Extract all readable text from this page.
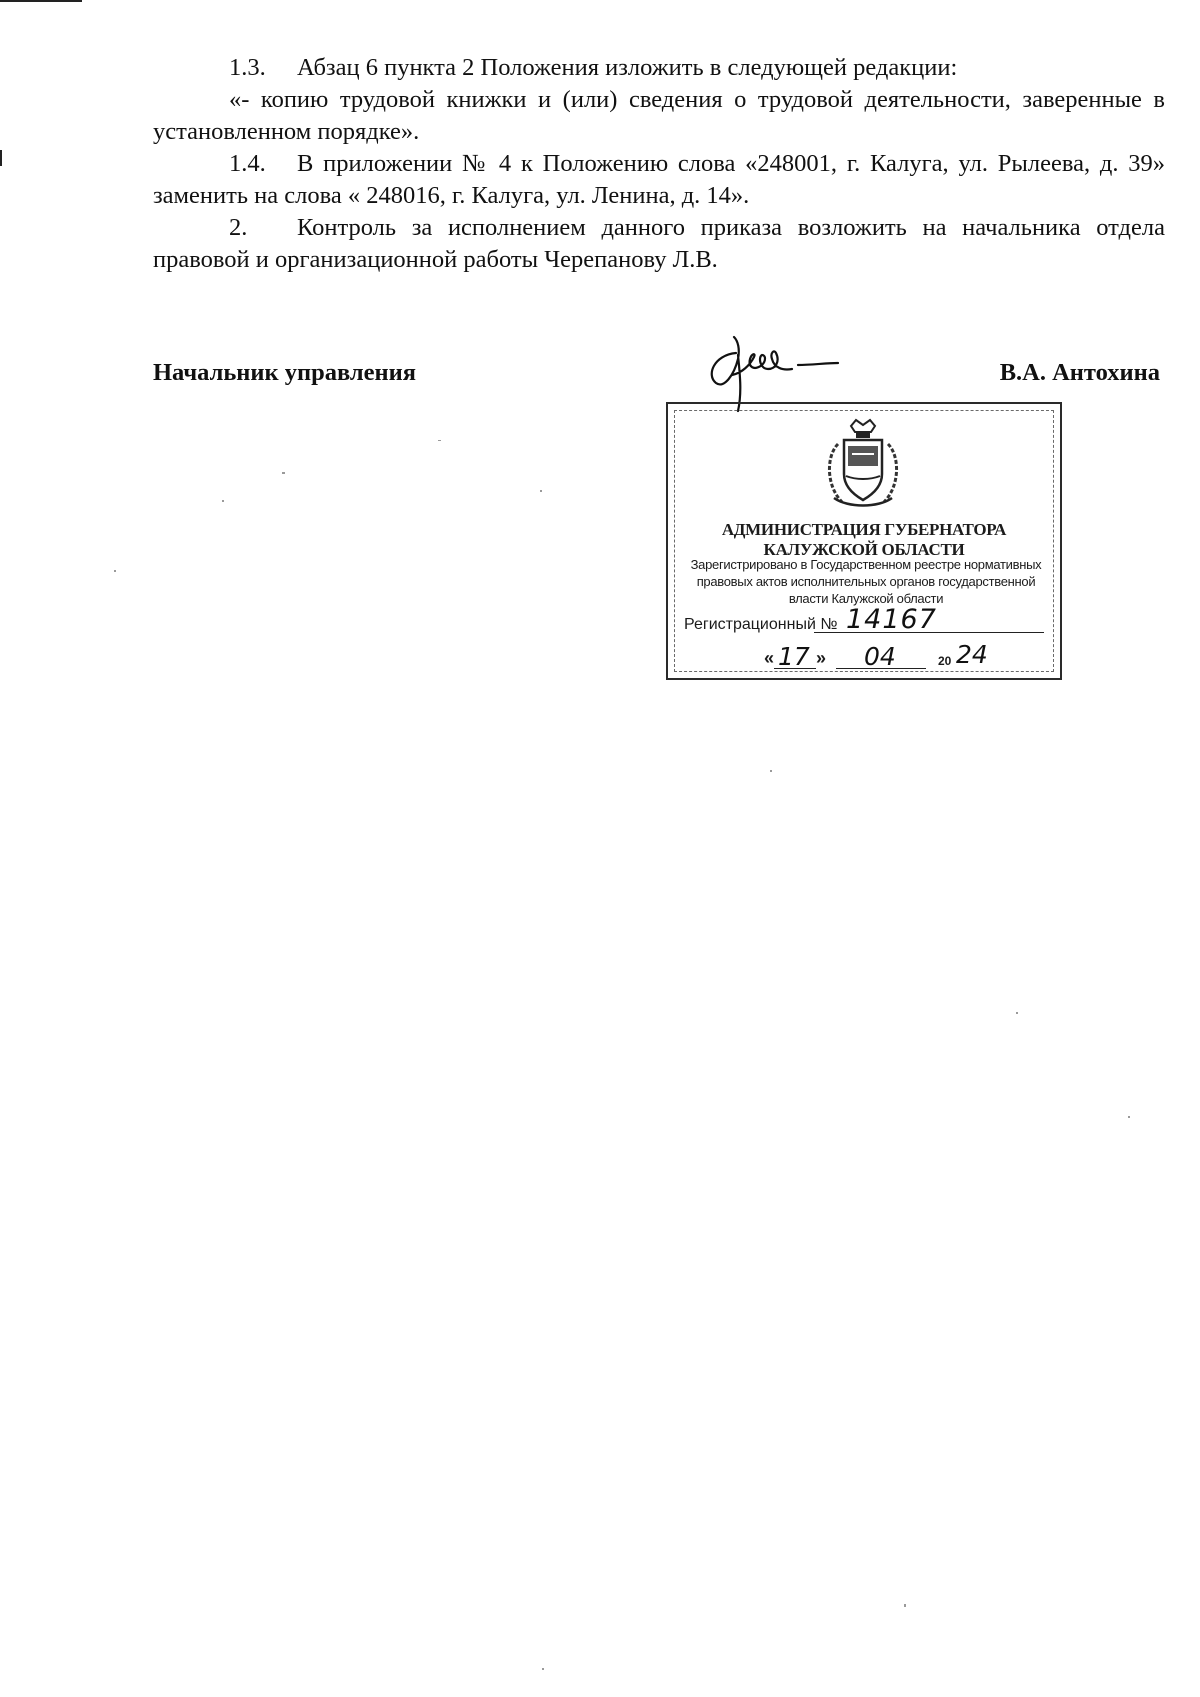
1.3. Абзац 6 пункта 2 Положения изложить в следующей редакции:

«- копию трудовой книжки и (или) сведения о трудовой деятельности, заверенные в установленном порядке».

1.4. В приложении № 4 к Положению слова «248001, г. Калуга, ул. Рылеева, д. 39» заменить на слова « 248016, г. Калуга, ул. Ленина, д. 14».

2. Контроль за исполнением данного приказа возложить на начальника отдела правовой и организационной работы Черепанову Л.В.

Начальник управления	В.А. Антохина
АДМИНИСТРАЦИЯ ГУБЕРНАТОРА КАЛУЖСКОЙ ОБЛАСТИ
Зарегистрировано в Государственном реестре нормативных правовых актов исполнительных органов государственной власти Калужской области
Регистрационный № 14167
« 17 » 04	20 24
